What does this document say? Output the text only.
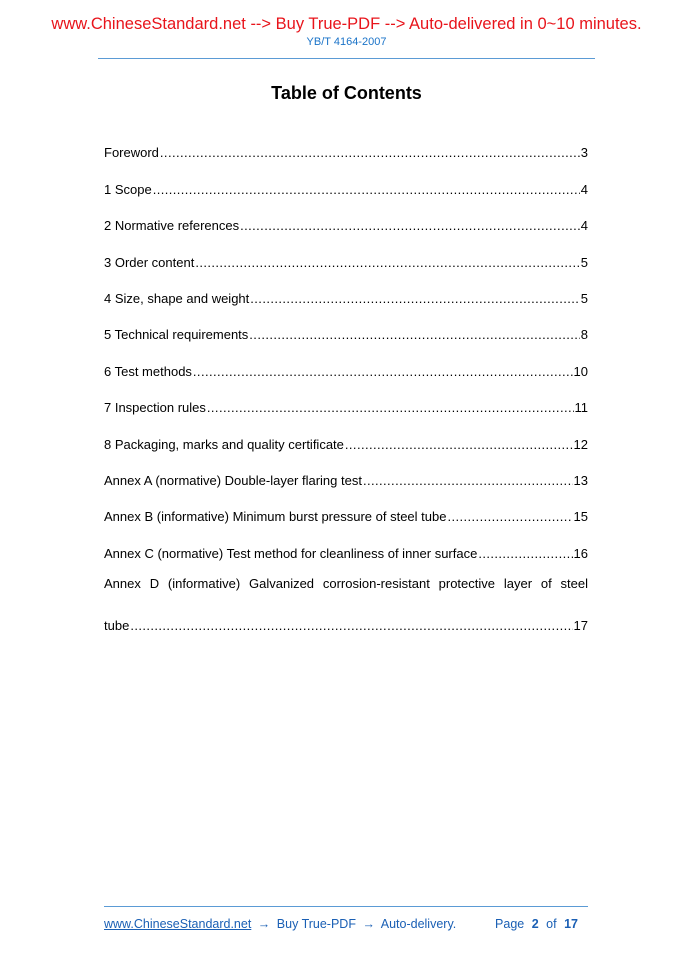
www.ChineseStandard.net --> Buy True-PDF --> Auto-delivered in 0~10 minutes.
YB/T 4164-2007
Table of Contents
Foreword .....	3
1 Scope .....	4
2 Normative references .....	4
3 Order content .....	5
4 Size, shape and weight .....	5
5 Technical requirements .....	8
6 Test methods .....	10
7 Inspection rules .....	11
8 Packaging, marks and quality certificate .....	12
Annex A (normative) Double-layer flaring test .....	13
Annex B (informative) Minimum burst pressure of steel tube .....	15
Annex C (normative) Test method for cleanliness of inner surface .....	16
Annex D (informative) Galvanized corrosion-resistant protective layer of steel
tube .....	17
www.ChineseStandard.net → Buy True-PDF → Auto-delivery.	Page 2 of 17
